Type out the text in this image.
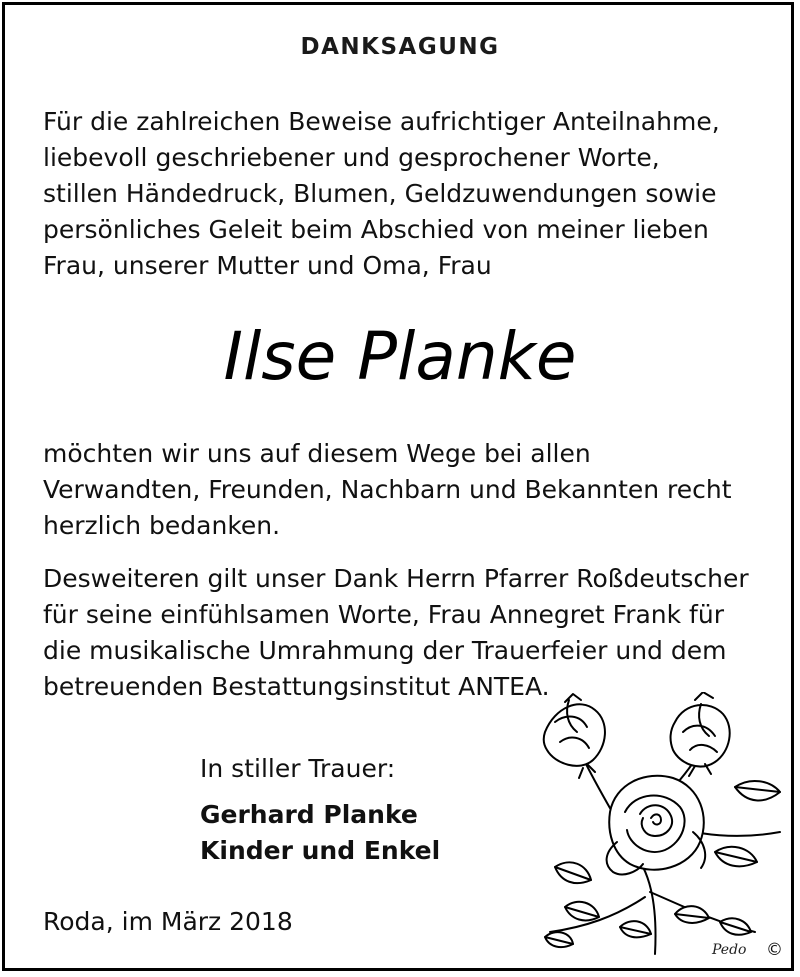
DANKSAGUNG

Für die zahlreichen Beweise aufrichtiger Anteilnahme,
liebevoll geschriebener und gesprochener Worte,
stillen Händedruck, Blumen, Geldzuwendungen sowie
persönliches Geleit beim Abschied von meiner lieben
Frau, unserer Mutter und Oma, Frau

Ilse Planke

möchten wir uns auf diesem Wege bei allen
Verwandten, Freunden, Nachbarn und Bekannten recht
herzlich bedanken.

Desweiteren gilt unser Dank Herrn Pfarrer Roßdeutscher
für seine einfühlsamen Worte, Frau Annegret Frank für
die musikalische Umrahmung der Trauerfeier und dem
betreuenden Bestattungsinstitut ANTEA.

In stiller Trauer:
Gerhard Planke
Kinder und Enkel
Roda, im März 2018
Pedo ©
